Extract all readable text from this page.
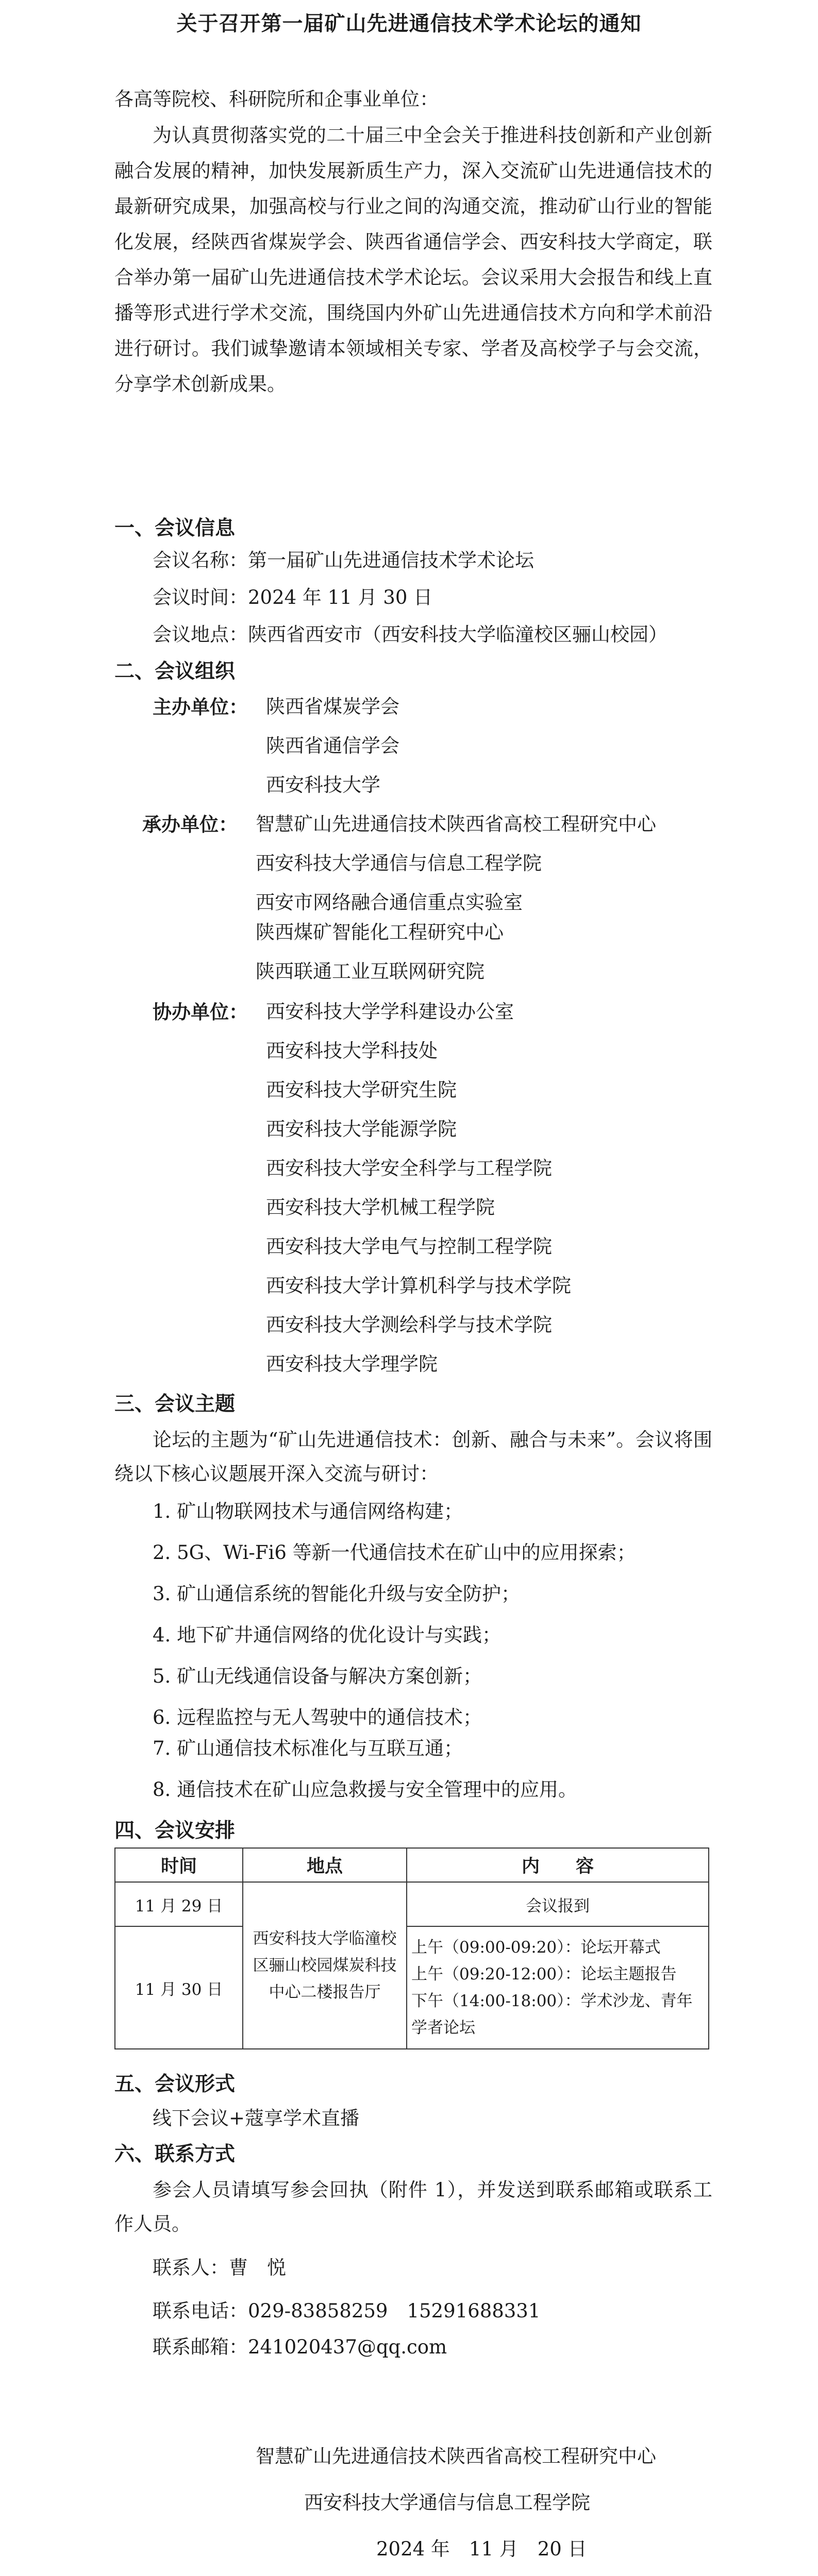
关于召开第一届矿山先进通信技术学术论坛的通知
各高等院校、科研院所和企事业单位：
为认真贯彻落实党的二十届三中全会关于推进科技创新和产业创新融合发展的精神，加快发展新质生产力，深入交流矿山先进通信技术的最新研究成果，加强高校与行业之间的沟通交流，推动矿山行业的智能化发展，经陕西省煤炭学会、陕西省通信学会、西安科技大学商定，联合举办第一届矿山先进通信技术学术论坛。会议采用大会报告和线上直播等形式进行学术交流，围绕国内外矿山先进通信技术方向和学术前沿进行研讨。我们诚挚邀请本领域相关专家、学者及高校学子与会交流，分享学术创新成果。
一、会议信息
会议名称：第一届矿山先进通信技术学术论坛
会议时间：2024 年 11 月 30 日
会议地点：陕西省西安市（西安科技大学临潼校区骊山校园）
二、会议组织
主办单位： 陕西省煤炭学会
陕西省通信学会
西安科技大学
承办单位： 智慧矿山先进通信技术陕西省高校工程研究中心
西安科技大学通信与信息工程学院
西安市网络融合通信重点实验室
陕西煤矿智能化工程研究中心
陕西联通工业互联网研究院
协办单位： 西安科技大学学科建设办公室
西安科技大学科技处
西安科技大学研究生院
西安科技大学能源学院
西安科技大学安全科学与工程学院
西安科技大学机械工程学院
西安科技大学电气与控制工程学院
西安科技大学计算机科学与技术学院
西安科技大学测绘科学与技术学院
西安科技大学理学院
三、会议主题
论坛的主题为“矿山先进通信技术：创新、融合与未来”。会议将围绕以下核心议题展开深入交流与研讨：
1. 矿山物联网技术与通信网络构建；
2. 5G、Wi-Fi6 等新一代通信技术在矿山中的应用探索；
3. 矿山通信系统的智能化升级与安全防护；
4. 地下矿井通信网络的优化设计与实践；
5. 矿山无线通信设备与解决方案创新；
6. 远程监控与无人驾驶中的通信技术；
7. 矿山通信技术标准化与互联互通；
8. 通信技术在矿山应急救援与安全管理中的应用。
四、会议安排
时间	地点	内　　容
11 月 29 日	西安科技大学临潼校区骊山校园煤炭科技中心二楼报告厅	会议报到
11 月 30 日		上午（09:00-09:20）：论坛开幕式
上午（09:20-12:00）：论坛主题报告
下午（14:00-18:00）：学术沙龙、青年学者论坛
五、会议形式
线下会议+蔻享学术直播
六、联系方式
参会人员请填写参会回执（附件 1），并发送到联系邮箱或联系工作人员。
联系人：曹　悦
联系电话：029-83858259　15291688331
联系邮箱：241020437@qq.com
智慧矿山先进通信技术陕西省高校工程研究中心
西安科技大学通信与信息工程学院
2024 年　11 月　20 日
